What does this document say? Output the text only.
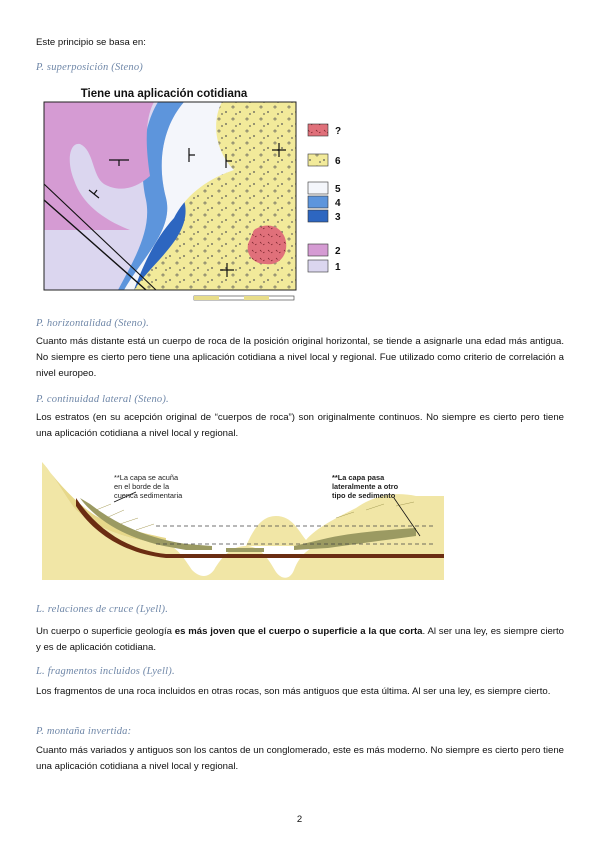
Este principio se basa en:
P. superposición (Steno)
Tiene una aplicación cotidiana
?
6
5
4
3
2
1
P. horizontalidad (Steno).
Cuanto más distante está un cuerpo de roca de la posición original horizontal, se tiende a asignarle una edad más antigua. No siempre es cierto pero tiene una aplicación cotidiana a nivel local y regional. Fue utilizado como criterio de correlación a nivel europeo.
P. continuidad lateral (Steno).
Los estratos (en su acepción original de “cuerpos de roca”) son originalmente continuos. No siempre es cierto pero tiene una aplicación cotidiana a nivel local y regional.
**La capa se acuña
en el borde de la
cuenca sedimentaria
**La capa pasa
lateralmente a otro
tipo de sedimento
L. relaciones de cruce (Lyell).
Un cuerpo o superficie geología es más joven que el cuerpo o superficie a la que corta. Al ser una ley, es siempre cierto y es de aplicación cotidiana.
L. fragmentos incluidos (Lyell).
Los fragmentos de una roca incluidos en otras rocas, son más antiguos que esta última. Al ser una ley, es siempre cierto.
P. montaña invertida:
Cuanto más variados y antiguos son los cantos de un conglomerado, este es más moderno. No siempre es cierto pero tiene una aplicación cotidiana a nivel local y regional.
2
